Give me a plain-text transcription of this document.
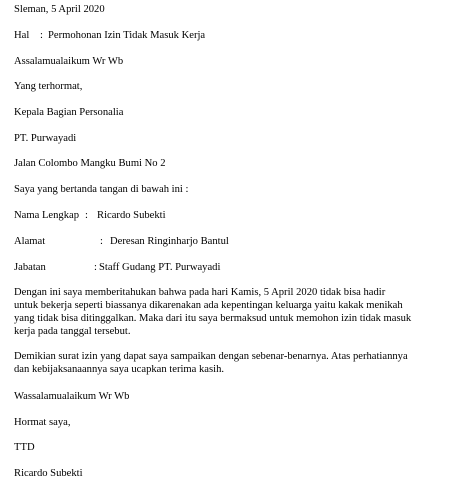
Sleman, 5 April 2020
Hal : Permohonan Izin Tidak Masuk Kerja
Assalamualaikum Wr Wb
Yang terhormat,
Kepala Bagian Personalia
PT. Purwayadi
Jalan Colombo Mangku Bumi No 2
Saya yang bertanda tangan di bawah ini :
Nama Lengkap : Ricardo Subekti
Alamat	: Deresan Ringinharjo Bantul
Jabatan	: Staff Gudang PT. Purwayadi
Dengan ini saya memberitahukan bahwa pada hari Kamis, 5 April 2020 tidak bisa hadir
untuk bekerja seperti biassanya dikarenakan ada kepentingan keluarga yaitu kakak menikah
yang tidak bisa ditinggalkan. Maka dari itu saya bermaksud untuk memohon izin tidak masuk
kerja pada tanggal tersebut.
Demikian surat izin yang dapat saya sampaikan dengan sebenar-benarnya. Atas perhatiannya
dan kebijaksanaannya saya ucapkan terima kasih.
Wassalamualaikum Wr Wb
Hormat saya,
TTD
Ricardo Subekti
